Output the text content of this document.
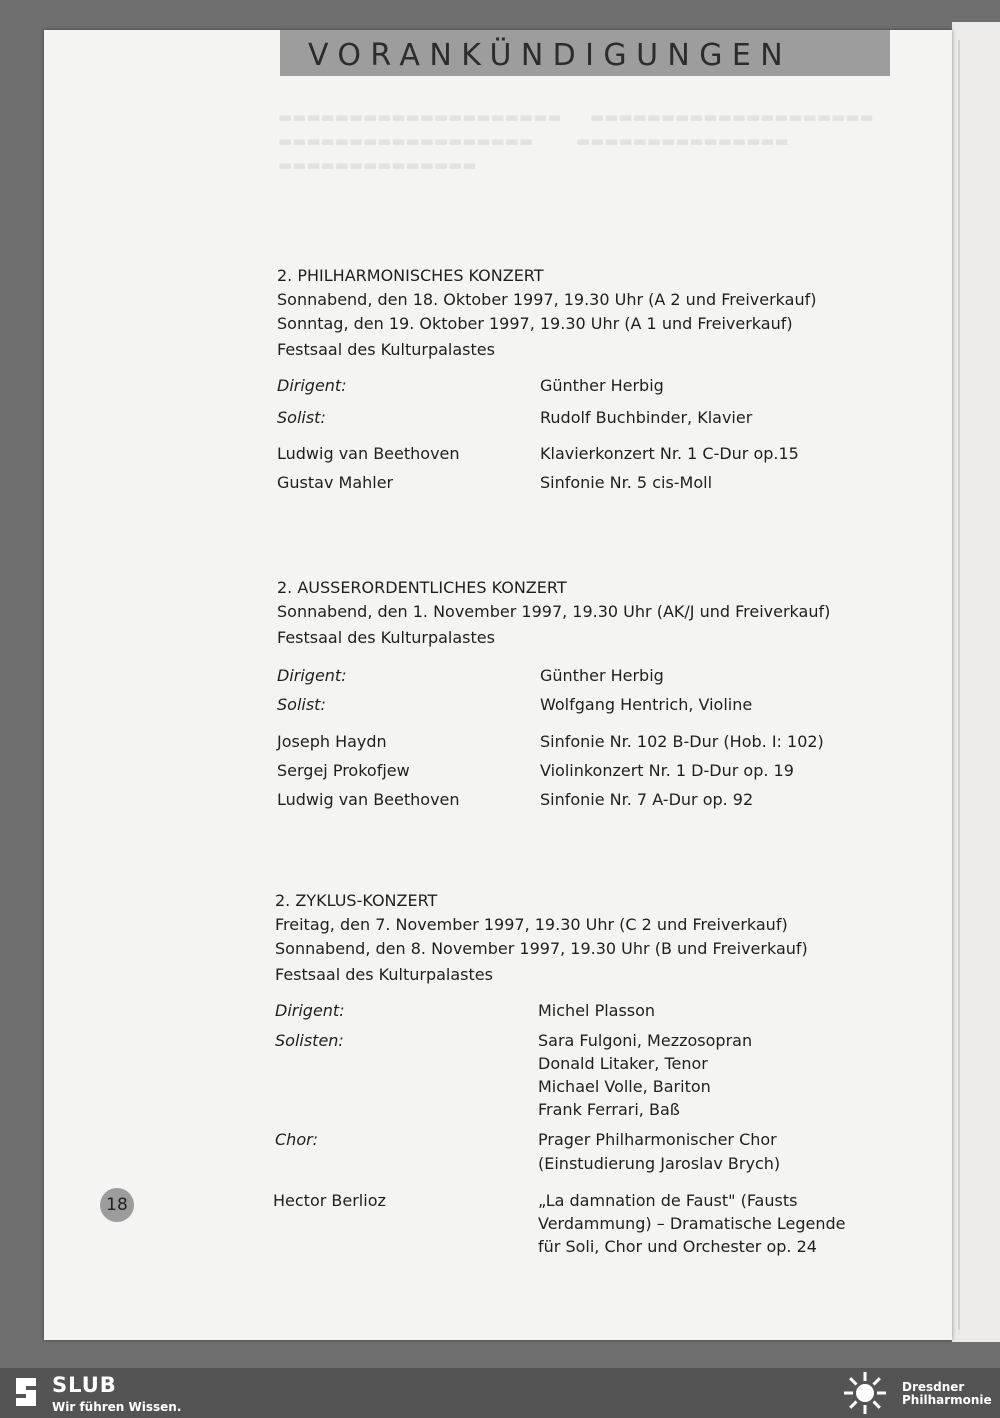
▬▬▬▬▬▬▬▬▬▬▬▬▬▬▬▬▬▬▬▬      ▬▬▬▬▬▬▬▬▬▬▬▬▬▬▬▬▬▬▬▬
▬▬▬▬▬▬▬▬▬▬▬▬▬▬▬▬▬▬         ▬▬▬▬▬▬▬▬▬▬▬▬▬▬▬
▬▬▬▬▬▬▬▬▬▬▬▬▬▬
VORANKÜNDIGUNGEN
2. PHILHARMONISCHES KONZERT
Sonnabend, den 18. Oktober 1997, 19.30 Uhr (A 2 und Freiverkauf)
Sonntag, den 19. Oktober 1997, 19.30 Uhr (A 1 und Freiverkauf)
Festsaal des Kulturpalastes
Dirigent:	Günther Herbig
Solist:	Rudolf Buchbinder, Klavier
Ludwig van Beethoven	Klavierkonzert Nr. 1 C-Dur op.15
Gustav Mahler	Sinfonie Nr. 5 cis-Moll
2. AUSSERORDENTLICHES KONZERT
Sonnabend, den 1. November 1997, 19.30 Uhr (AK/J und Freiverkauf)
Festsaal des Kulturpalastes
Dirigent:	Günther Herbig
Solist:	Wolfgang Hentrich, Violine
Joseph Haydn	Sinfonie Nr. 102 B-Dur (Hob. I: 102)
Sergej Prokofjew	Violinkonzert Nr. 1 D-Dur op. 19
Ludwig van Beethoven	Sinfonie Nr. 7 A-Dur op. 92
2. ZYKLUS-KONZERT
Freitag, den 7. November 1997, 19.30 Uhr (C 2 und Freiverkauf)
Sonnabend, den 8. November 1997, 19.30 Uhr (B und Freiverkauf)
Festsaal des Kulturpalastes
Dirigent:	Michel Plasson
Solisten:	Sara Fulgoni, Mezzosopran
Donald Litaker, Tenor
Michael Volle, Bariton
Frank Ferrari, Baß
Chor:	Prager Philharmonischer Chor
(Einstudierung Jaroslav Brych)
Hector Berlioz	„La damnation de Faust" (Fausts
Verdammung) – Dramatische Legende
für Soli, Chor und Orchester op. 24
18
SLUB
Wir führen Wissen.
Dresdner
Philharmonie
